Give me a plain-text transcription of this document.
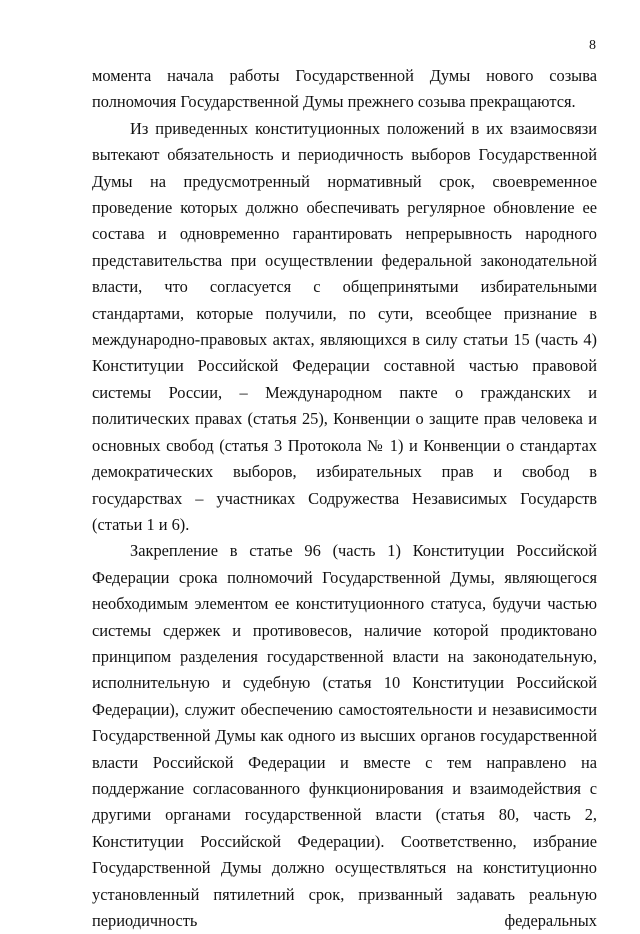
8

момента начала работы Государственной Думы нового созыва полномочия Государственной Думы прежнего созыва прекращаются.

Из приведенных конституционных положений в их взаимосвязи вытекают обязательность и периодичность выборов Государственной Думы на предусмотренный нормативный срок, своевременное проведение которых должно обеспечивать регулярное обновление ее состава и одновременно гарантировать непрерывность народного представительства при осуществлении федеральной законодательной власти, что согласуется с общепринятыми избирательными стандартами, которые получили, по сути, всеобщее признание в международно-правовых актах, являющихся в силу статьи 15 (часть 4) Конституции Российской Федерации составной частью правовой системы России, – Международном пакте о гражданских и политических правах (статья 25), Конвенции о защите прав человека и основных свобод (статья 3 Протокола № 1) и Конвенции о стандартах демократических выборов, избирательных прав и свобод в государствах – участниках Содружества Независимых Государств (статьи 1 и 6).

Закрепление в статье 96 (часть 1) Конституции Российской Федерации срока полномочий Государственной Думы, являющегося необходимым элементом ее конституционного статуса, будучи частью системы сдержек и противовесов, наличие которой продиктовано принципом разделения государственной власти на законодательную, исполнительную и судебную (статья 10 Конституции Российской Федерации), служит обеспечению самостоятельности и независимости Государственной Думы как одного из высших органов государственной власти Российской Федерации и вместе с тем направлено на поддержание согласованного функционирования и взаимодействия с другими органами государственной власти (статья 80, часть 2, Конституции Российской Федерации). Соответственно, избрание Государственной Думы должно осуществляться на конституционно установленный пятилетний срок, призванный задавать реальную периодичность федеральных
